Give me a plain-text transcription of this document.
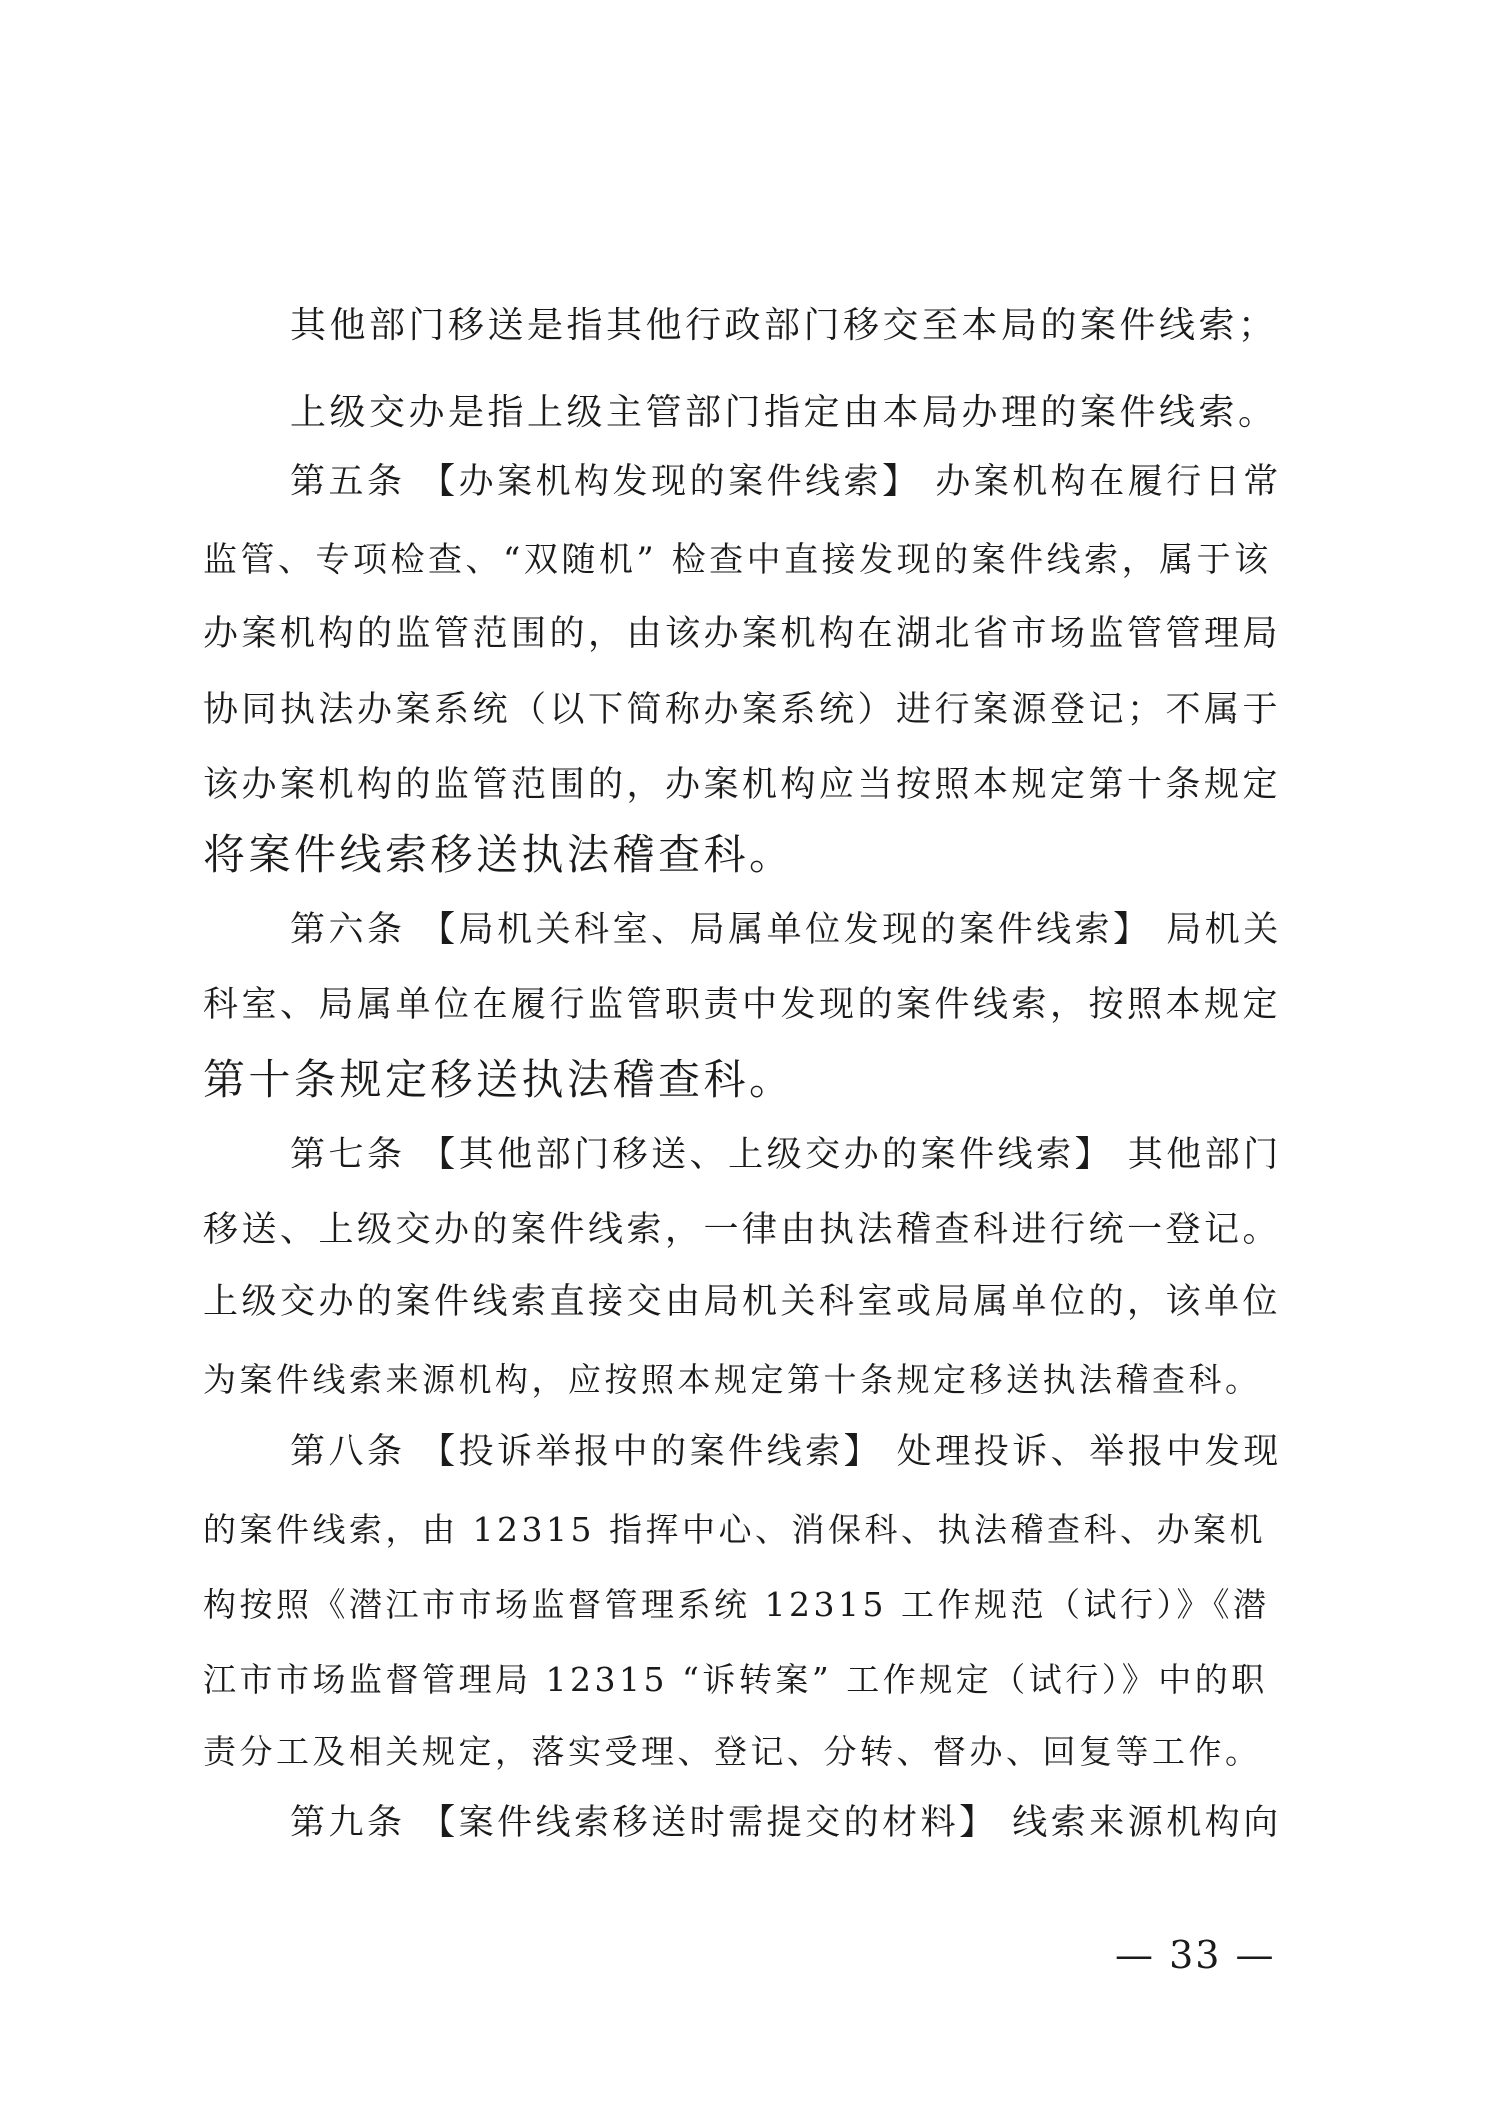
其他部门移送是指其他行政部门移交至本局的案件线索；
上级交办是指上级主管部门指定由本局办理的案件线索。
第五条 【办案机构发现的案件线索】 办案机构在履行日常
监管、专项检查、“双随机” 检查中直接发现的案件线索，属于该
办案机构的监管范围的，由该办案机构在湖北省市场监管管理局
协同执法办案系统（以下简称办案系统）进行案源登记；不属于
该办案机构的监管范围的，办案机构应当按照本规定第十条规定
将案件线索移送执法稽查科。
第六条 【局机关科室、局属单位发现的案件线索】 局机关
科室、局属单位在履行监管职责中发现的案件线索，按照本规定
第十条规定移送执法稽查科。
第七条 【其他部门移送、上级交办的案件线索】 其他部门
移送、上级交办的案件线索，一律由执法稽查科进行统一登记。
上级交办的案件线索直接交由局机关科室或局属单位的，该单位
为案件线索来源机构，应按照本规定第十条规定移送执法稽查科。
第八条 【投诉举报中的案件线索】 处理投诉、举报中发现
的案件线索，由 12315 指挥中心、消保科、执法稽查科、办案机
构按照《潜江市市场监督管理系统 12315 工作规范（试行）》《潜
江市市场监督管理局 12315 “诉转案” 工作规定（试行）》中的职
责分工及相关规定，落实受理、登记、分转、督办、回复等工作。
第九条 【案件线索移送时需提交的材料】 线索来源机构向
— 33 —
